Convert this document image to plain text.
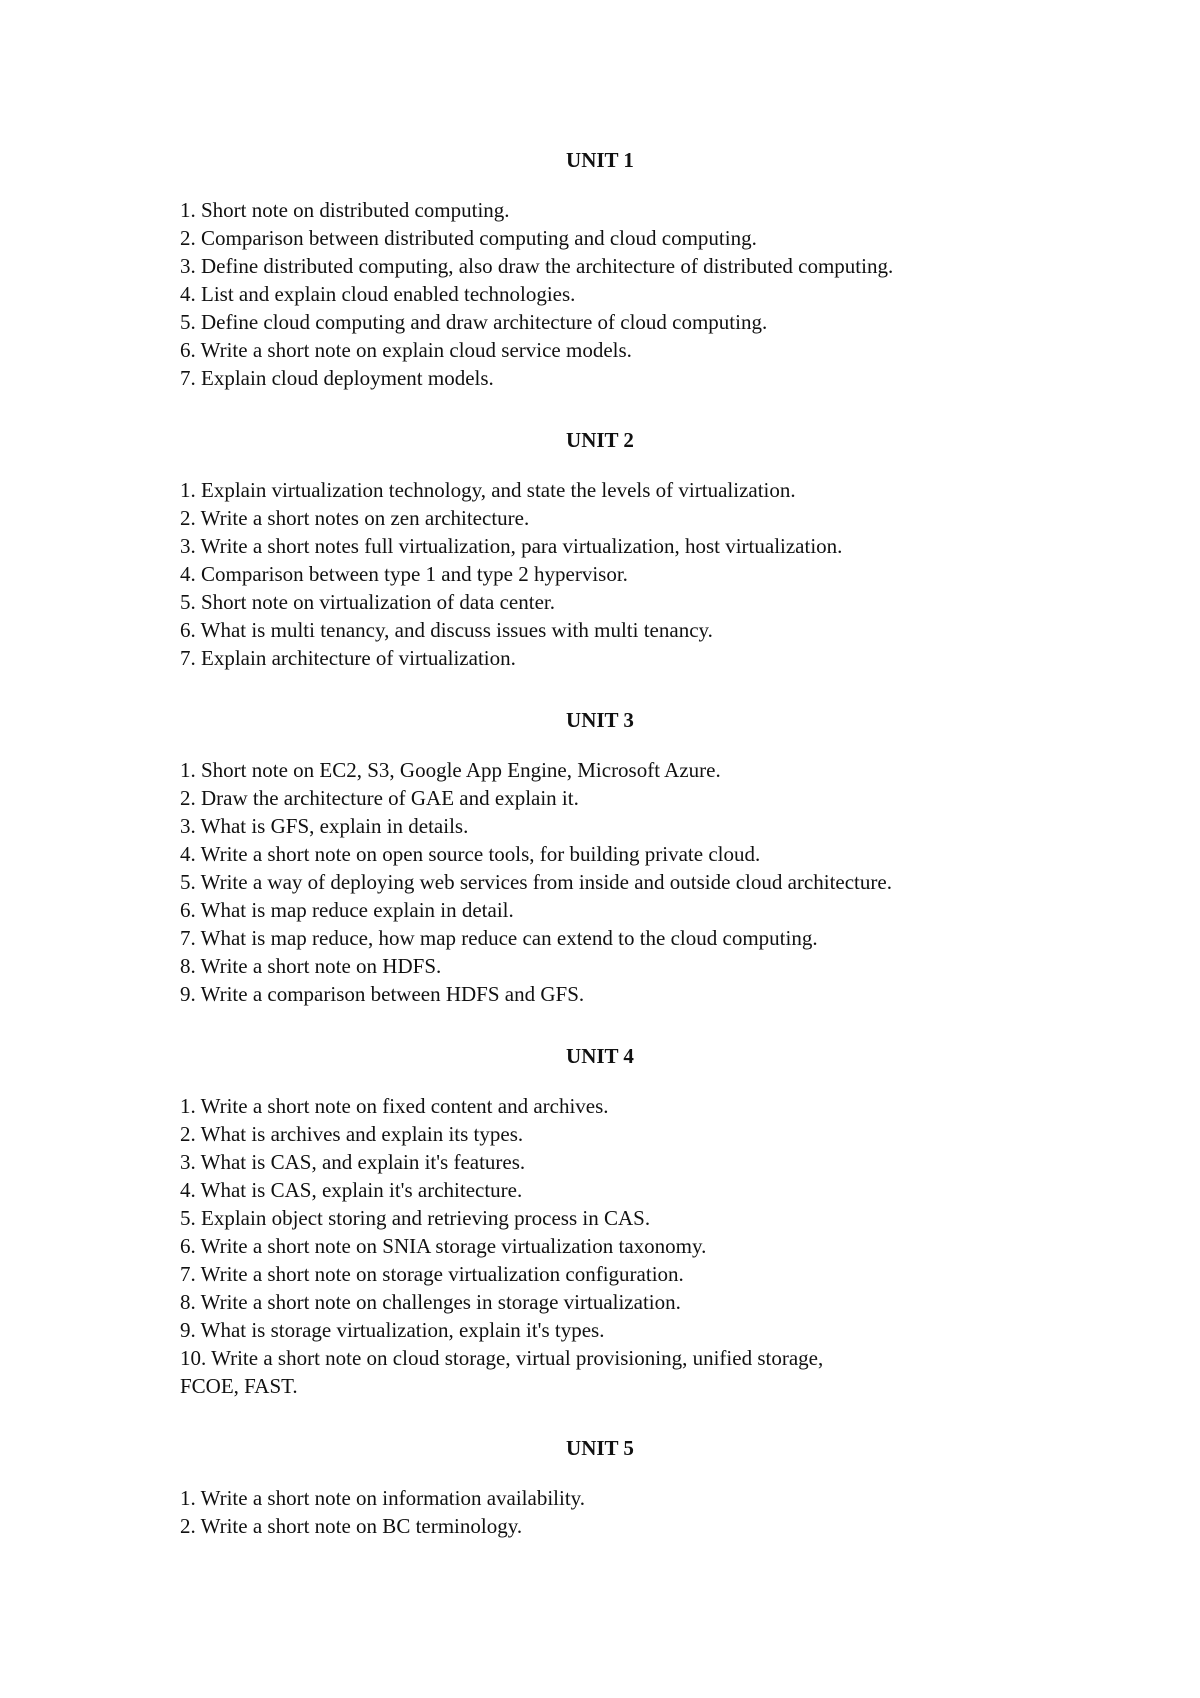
UNIT 1

1. Short note on distributed computing.

2. Comparison between distributed computing and cloud computing.

3. Define distributed computing, also draw the architecture of distributed computing.

4. List and explain cloud enabled technologies.

5. Define cloud computing and draw architecture of cloud computing.

6. Write a short note on explain cloud service models.

7. Explain cloud deployment models.

UNIT 2

1. Explain virtualization technology, and state the levels of virtualization.

2. Write a short notes on zen architecture.

3. Write a short notes full virtualization, para virtualization, host virtualization.

4. Comparison between type 1 and type 2 hypervisor.

5. Short note on virtualization of data center.

6. What is multi tenancy, and discuss issues with multi tenancy.

7. Explain architecture of virtualization.

UNIT 3

1. Short note on EC2, S3, Google App Engine, Microsoft Azure.

2. Draw the architecture of GAE and explain it.

3. What is GFS, explain in details.

4. Write a short note on open source tools, for building private cloud.

5. Write a way of deploying web services from inside and outside cloud architecture.

6. What is map reduce explain in detail.

7. What is map reduce, how map reduce can extend to the cloud computing.

8. Write a short note on HDFS.

9. Write a comparison between HDFS and GFS.

UNIT 4

1. Write a short note on fixed content and archives.

2. What is archives and explain its types.

3. What is CAS, and explain it's features.

4. What is CAS, explain it's architecture.

5. Explain object storing and retrieving process in CAS.

6. Write a short note on SNIA storage virtualization taxonomy.

7. Write a short note on storage virtualization configuration.

8. Write a short note on challenges in storage virtualization.

9. What is storage virtualization, explain it's types.

10. Write a short note on cloud storage, virtual provisioning, unified storage, FCOE, FAST.

UNIT 5

1. Write a short note on information availability.

2. Write a short note on BC terminology.
